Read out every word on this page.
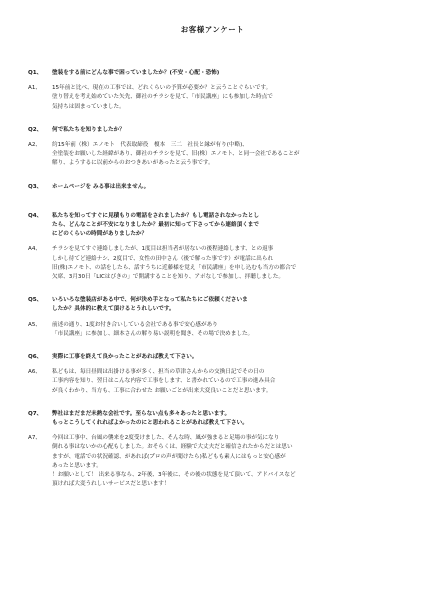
お客様アンケート
Q1、	塗装をする前にどんな事で困っていましたか？(不安・心配・恐怖)
A1、	15年前と比べ、現在の工事では、どれくらいの予算が必要か？と云うことぐらいです。
塗り替えを考え始めていた矢先、御社のチラシを見て、「市民講座」にも参加した時点で
気持ちは固まっていました。
Q2、	何で私たちを知りましたか？
A2、	約15年前（株）エノモト　代表取締役　榎本　三二　社長と縁が有り(中略)、
全塗装をお願いした経緯があり、御社のチラシを見て、旧(株）エノモト、と同一会社であることが
解り、ようするに以前からのおつきあいがあったと云う事です。
Q3、	ホームページを みる事は出来ません。
Q4、	私たちを知ってすぐに見積もりの電話をされましたか？もし電話されなかったとし
たら、どんなことが不安になりましたか？最初に知って下さってから連絡頂くまで
にどのくらいの時間がありましたか？
A4、	チラシを見てすぐ連絡しましたが、1度目は担当者が居ないの後程連絡します、との返事
しかし待てど連絡ナシ、2度目で、女性の田中さん（後で解った事です）が電話に出られ
旧(株)エノモト、の話をしたら、話すうちに近藤様を覚え「市民講座」を申し込むも当方の都合で
欠席、3月30日「LICはびきの」で開講することを知り、アポなしで参加し、拝聴しました。
Q5、	いろいろな塗装店がある中で、何が決め手となって私たちにご依頼くださいま
したか？具体的に教えて頂けるとうれしいです。
A5、	前述の通り、1度お付き合いしている会社である事で安心感があり
「市民講座」に参加し、細本さんの解り易い説明を聞き、その場で決めました。
Q6、	実際に工事を終えて良かったことがあれば教えて下さい。
A6、	私どもは、毎日昼間は出掛ける事が多く、担当の草津さんからの交換日記でその日の
工事内容を知り、翌日はこんな内容で工事をします、と書かれているので工事の進み具合
が良くわかり、当方も、工事に合わせた お願いごとが出来大変良いことだと思います。
Q7、	弊社はまだまだ未熟な会社です。至らない点も多々あったと思います。
もっとこうしてくれればよかったのにと思われることがあれば教えて下さい。
A7、	今回は工事中、台風の襲来を2度受けました、そんな時、風が強まると足場の事が気になり
倒れる事はないかの心配もしました。おそらくは、経験で大丈夫だと確信されたからだとは思い
ますが、電話での状況確認、があれば(プロの声が聞けたら)私どもも素人にはもっと安心感が
あったと思います。
！お願いとして！ 出来る事なら、2年後、3年後に、その後の状態を見て頂いて、アドバイスなど
頂ければ大変うれしいサービスだと思います！
